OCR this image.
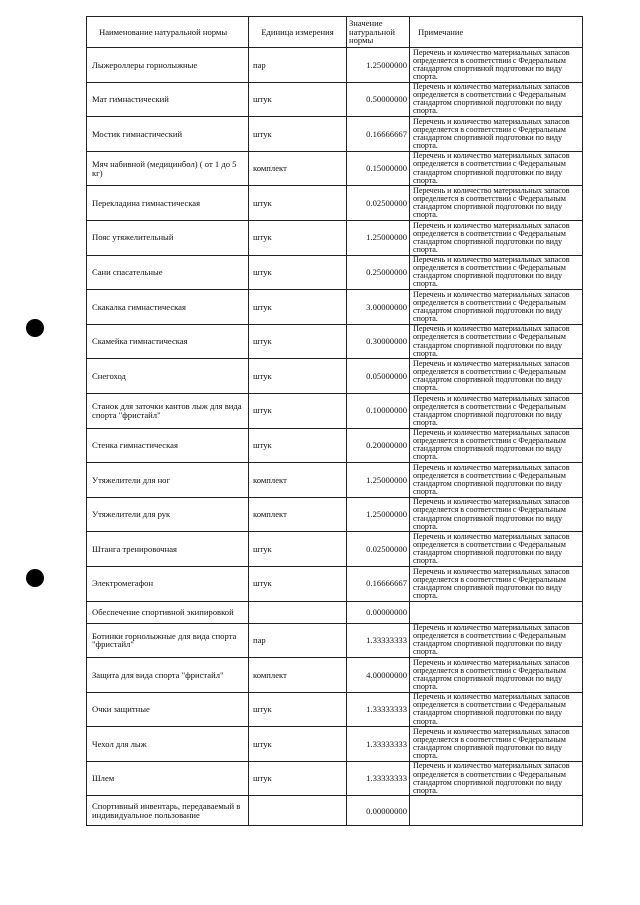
Наименование натуральной нормы	Единица измерения	Значение натуральной нормы	Примечание
Лыжероллеры горнолыжные	пар	1.25000000	Перечень и количество материальных запасов определяется в соответствии с Федеральным стандартом спортивной подготовки по виду спорта.
Мат гимнастический	штук	0.50000000	Перечень и количество материальных запасов определяется в соответствии с Федеральным стандартом спортивной подготовки по виду спорта.
Мостик гимнастический	штук	0.16666667	Перечень и количество материальных запасов определяется в соответствии с Федеральным стандартом спортивной подготовки по виду спорта.
Мяч набивной (медицинбол) ( от 1 до 5 кг)	комплект	0.15000000	Перечень и количество материальных запасов определяется в соответствии с Федеральным стандартом спортивной подготовки по виду спорта.
Перекладина гимнастическая	штук	0.02500000	Перечень и количество материальных запасов определяется в соответствии с Федеральным стандартом спортивной подготовки по виду спорта.
Пояс утяжелительный	штук	1.25000000	Перечень и количество материальных запасов определяется в соответствии с Федеральным стандартом спортивной подготовки по виду спорта.
Сани спасательные	штук	0.25000000	Перечень и количество материальных запасов определяется в соответствии с Федеральным стандартом спортивной подготовки по виду спорта.
Скакалка гимнастическая	штук	3.00000000	Перечень и количество материальных запасов определяется в соответствии с Федеральным стандартом спортивной подготовки по виду спорта.
Скамейка гимнастическая	штук	0.30000000	Перечень и количество материальных запасов определяется в соответствии с Федеральным стандартом спортивной подготовки по виду спорта.
Снегоход	штук	0.05000000	Перечень и количество материальных запасов определяется в соответствии с Федеральным стандартом спортивной подготовки по виду спорта.
Станок для заточки кантов лыж для вида спорта "фристайл"	штук	0.10000000	Перечень и количество материальных запасов определяется в соответствии с Федеральным стандартом спортивной подготовки по виду спорта.
Стенка гимнастическая	штук	0.20000000	Перечень и количество материальных запасов определяется в соответствии с Федеральным стандартом спортивной подготовки по виду спорта.
Утяжелители для ног	комплект	1.25000000	Перечень и количество материальных запасов определяется в соответствии с Федеральным стандартом спортивной подготовки по виду спорта.
Утяжелители для рук	комплект	1.25000000	Перечень и количество материальных запасов определяется в соответствии с Федеральным стандартом спортивной подготовки по виду спорта.
Штанга тренировочная	штук	0.02500000	Перечень и количество материальных запасов определяется в соответствии с Федеральным стандартом спортивной подготовки по виду спорта.
Электромегафон	штук	0.16666667	Перечень и количество материальных запасов определяется в соответствии с Федеральным стандартом спортивной подготовки по виду спорта.
Обеспечение спортивной экипировкой		0.00000000	
Ботинки горнолыжные для вида спорта "фристайл"	пар	1.33333333	Перечень и количество материальных запасов определяется в соответствии с Федеральным стандартом спортивной подготовки по виду спорта.
Защита для вида спорта "фристайл"	комплект	4.00000000	Перечень и количество материальных запасов определяется в соответствии с Федеральным стандартом спортивной подготовки по виду спорта.
Очки защитные	штук	1.33333333	Перечень и количество материальных запасов определяется в соответствии с Федеральным стандартом спортивной подготовки по виду спорта.
Чехол для лыж	штук	1.33333333	Перечень и количество материальных запасов определяется в соответствии с Федеральным стандартом спортивной подготовки по виду спорта.
Шлем	штук	1.33333333	Перечень и количество материальных запасов определяется в соответствии с Федеральным стандартом спортивной подготовки по виду спорта.
Спортивный инвентарь, передаваемый в индивидуальное пользование		0.00000000	
